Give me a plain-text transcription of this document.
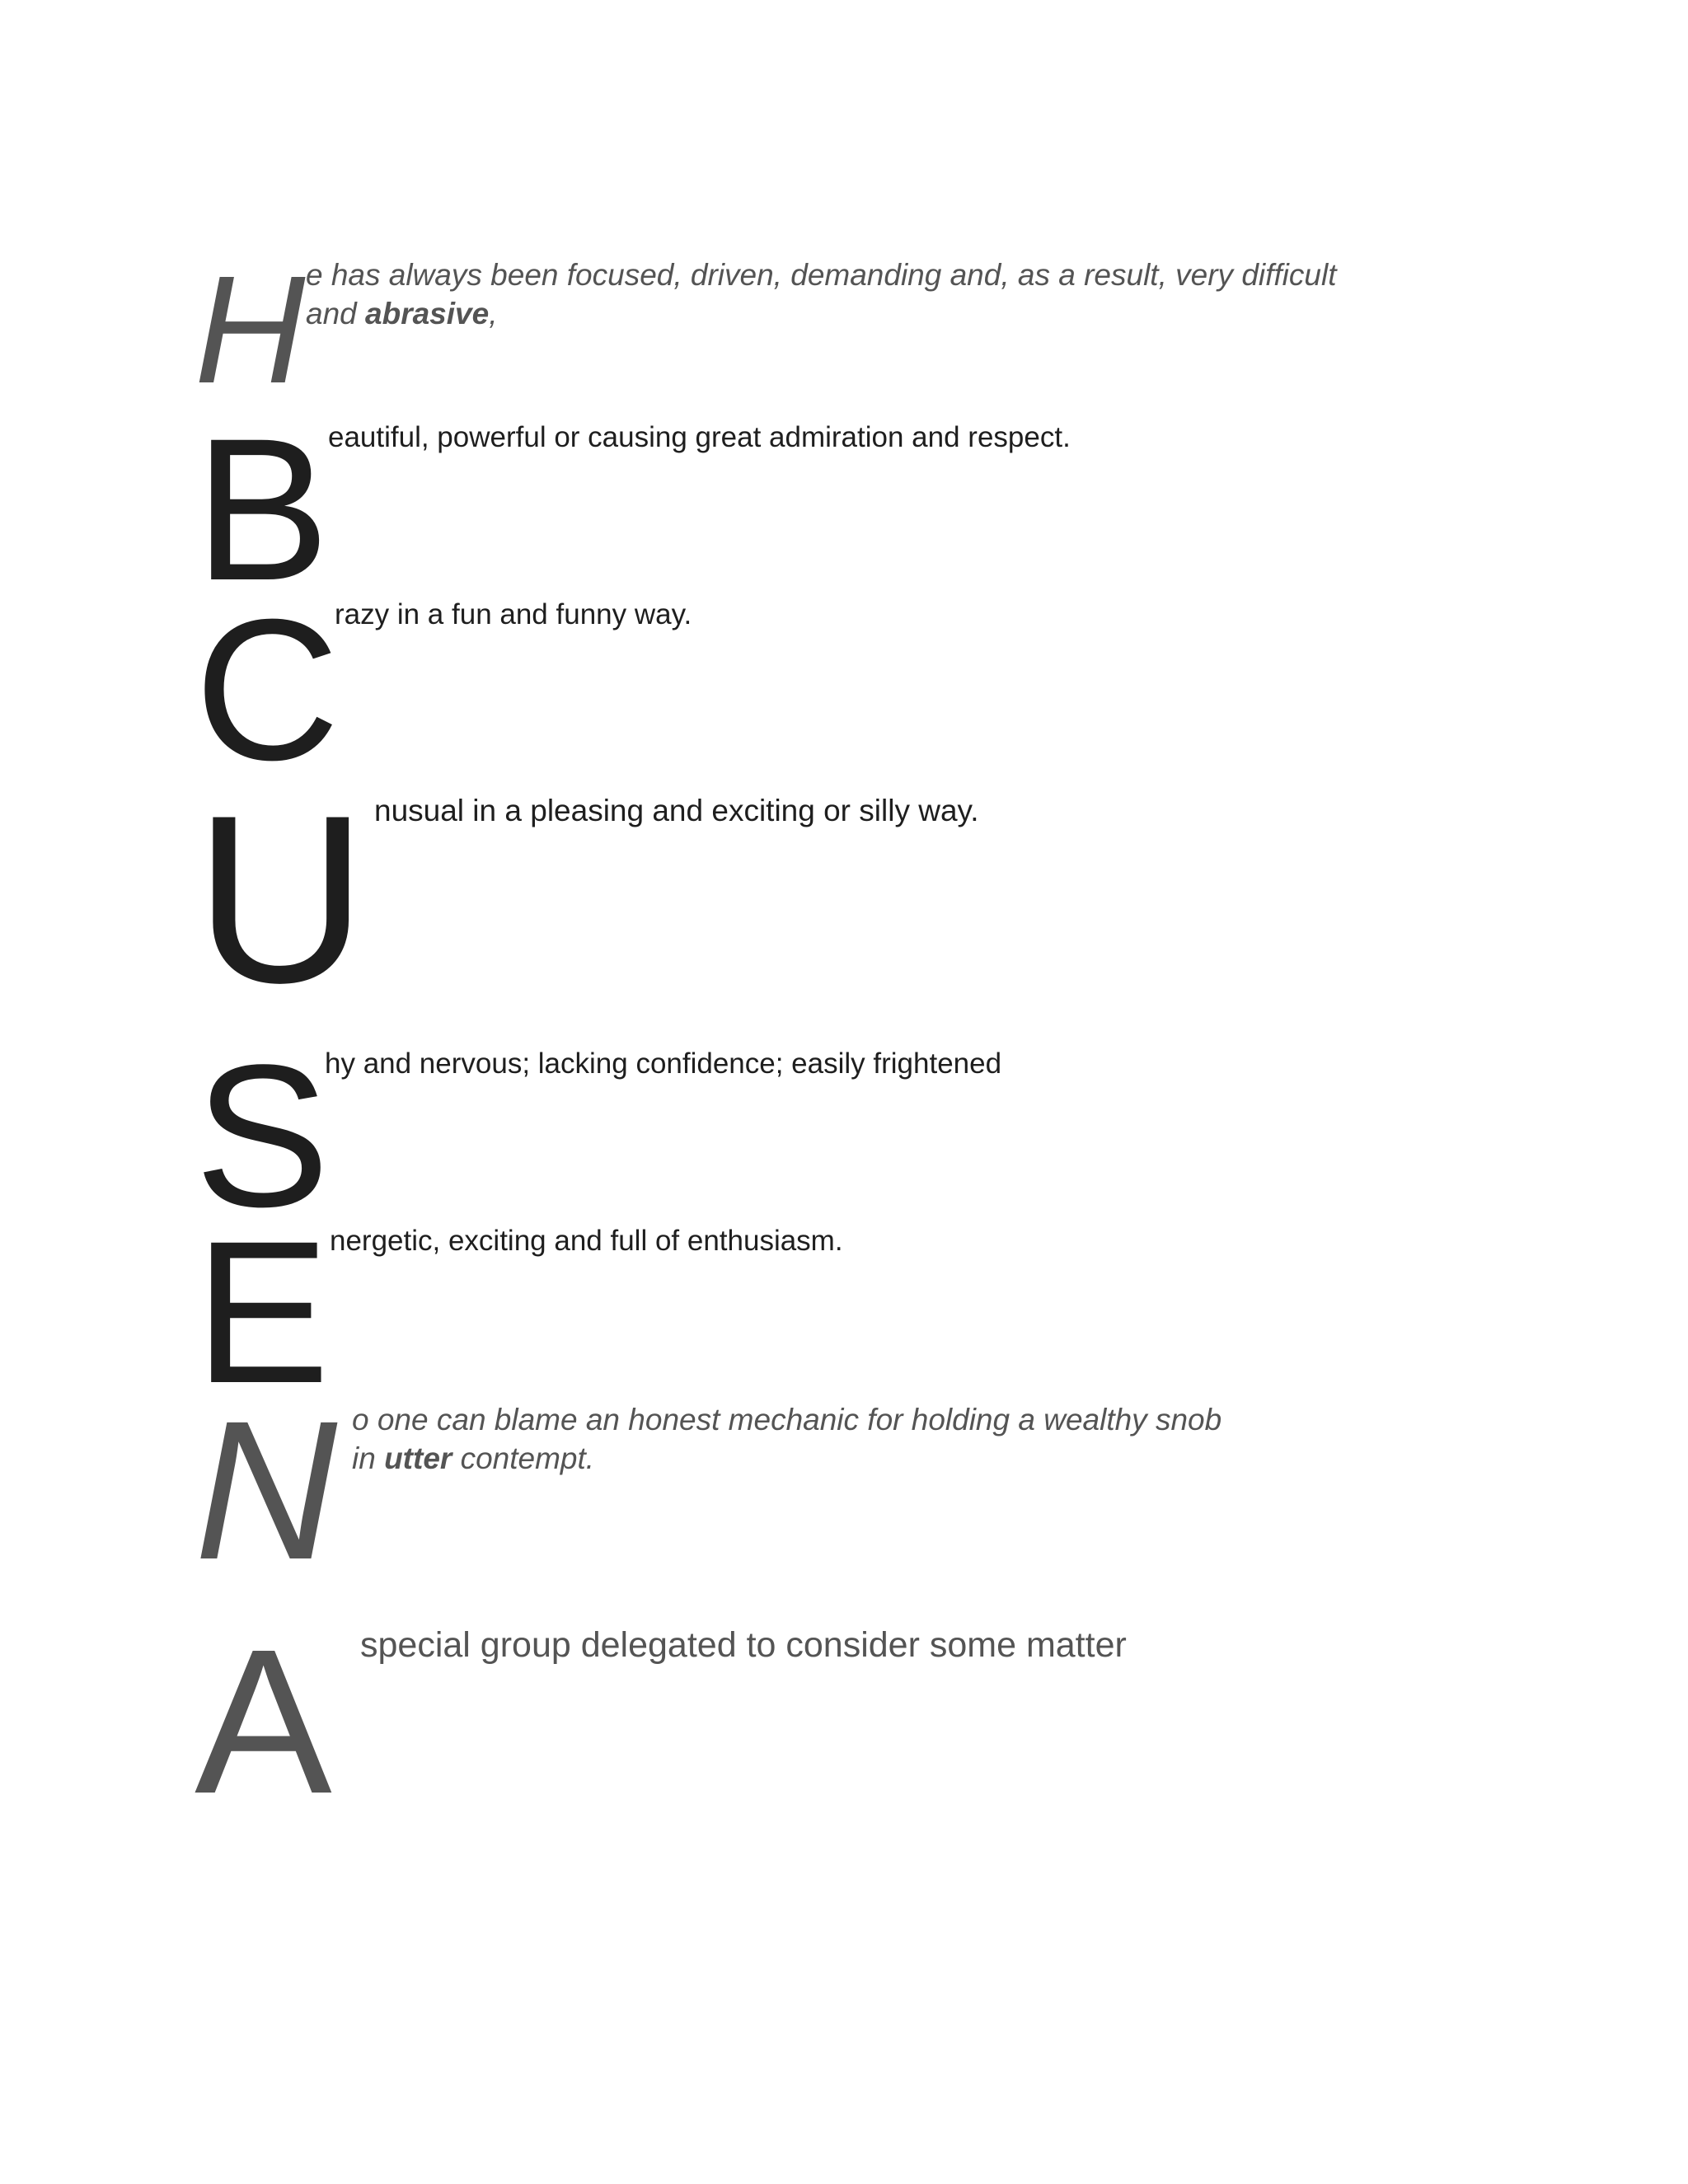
H e has always been focused, driven, demanding and, as a result, very difficult
and abrasive,
B
eautiful, powerful or causing great admiration and respect.
C
razy in a fun and funny way.
U nusual in a pleasing and exciting or silly way.
S
hy and nervous; lacking confidence; easily frightened
E nergetic, exciting and full of enthusiasm.
N o one can blame an honest mechanic for holding a wealthy snob
in utter contempt.
A special group delegated to consider some matter
